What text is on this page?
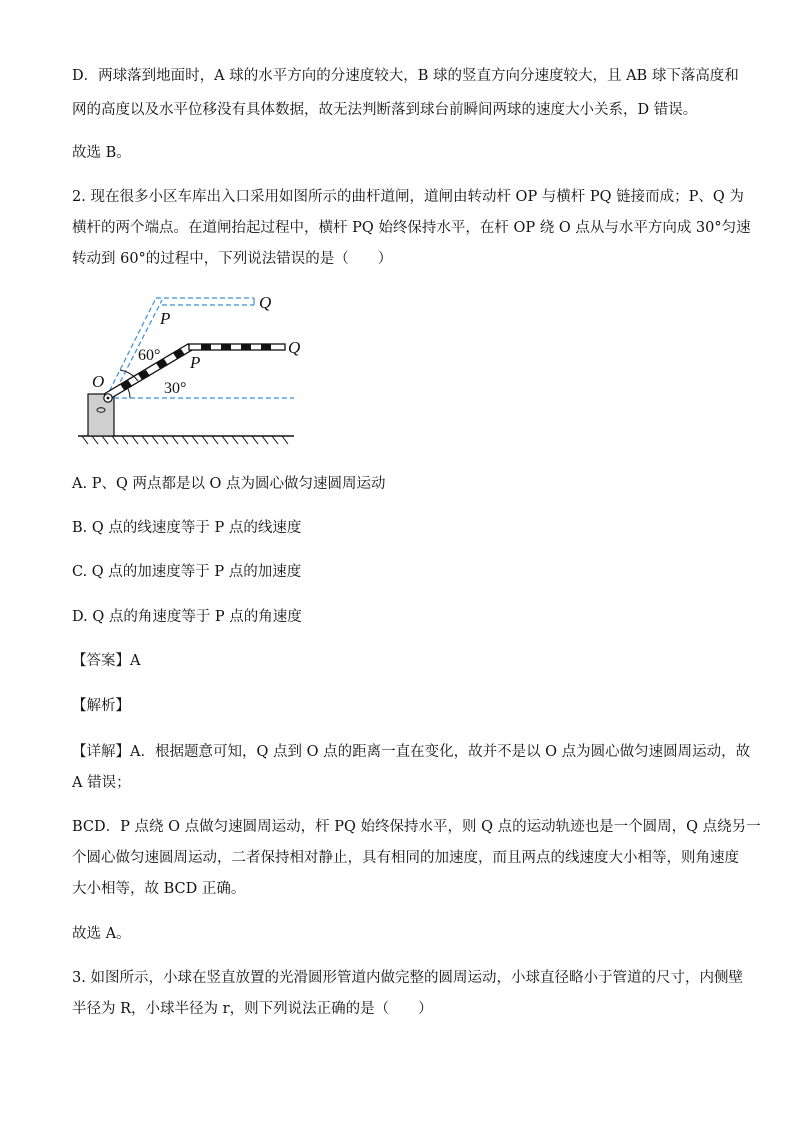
D．两球落到地面时，A 球的水平方向的分速度较大，B 球的竖直方向分速度较大，且 AB 球下落高度和
网的高度以及水平位移没有具体数据，故无法判断落到球台前瞬间两球的速度大小关系，D 错误。
故选 B。
2. 现在很多小区车库出入口采用如图所示的曲杆道闸，道闸由转动杆 OP 与横杆 PQ 链接而成；P、Q 为
横杆的两个端点。在道闸抬起过程中，横杆 PQ 始终保持水平，在杆 OP 绕 O 点从与水平方向成 30°匀速
转动到 60°的过程中，下列说法错误的是（　　）
O
P
Q
P
Q
60°
30°
A. P、Q 两点都是以 O 点为圆心做匀速圆周运动
B. Q 点的线速度等于 P 点的线速度
C. Q 点的加速度等于 P 点的加速度
D. Q 点的角速度等于 P 点的角速度
【答案】A
【解析】
【详解】A．根据题意可知，Q 点到 O 点的距离一直在变化，故并不是以 O 点为圆心做匀速圆周运动，故
A 错误；
BCD．P 点绕 O 点做匀速圆周运动，杆 PQ 始终保持水平，则 Q 点的运动轨迹也是一个圆周，Q 点绕另一
个圆心做匀速圆周运动，二者保持相对静止，具有相同的加速度，而且两点的线速度大小相等，则角速度
大小相等，故 BCD 正确。
故选 A。
3. 如图所示，小球在竖直放置的光滑圆形管道内做完整的圆周运动，小球直径略小于管道的尺寸，内侧壁
半径为 R，小球半径为 r，则下列说法正确的是（　　）
